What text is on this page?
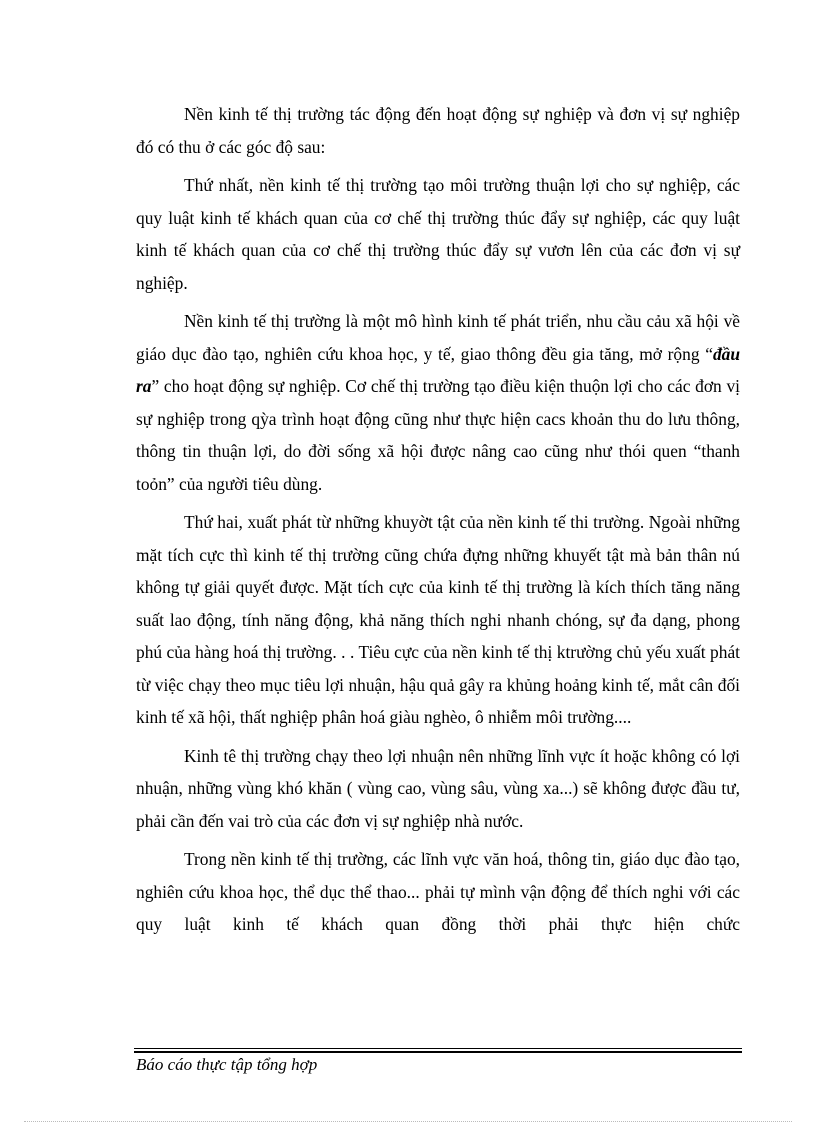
Nền kinh tế thị trường tác động đến hoạt động sự nghiệp và đơn vị sự nghiệp đó có thu ở các góc độ sau:

Thứ nhất, nền kinh tế thị trường tạo môi trường thuận lợi cho sự nghiệp, các quy luật kinh tế khách quan của cơ chế thị trường thúc đẩy sự nghiệp, các quy luật kinh tế khách quan của cơ chế thị trường thúc đẩy sự vươn lên của các đơn vị sự nghiệp.

Nền kinh tế thị trường là một mô hình kinh tế phát triển, nhu cầu cảu xã hội về giáo dục đào tạo, nghiên cứu khoa học, y tế, giao thông đều gia tăng, mở rộng “đầu ra” cho hoạt động sự nghiệp. Cơ chế thị trường tạo điều kiện thuộn lợi cho các đơn vị sự nghiệp trong qỳa trình hoạt động cũng như thực hiện cacs khoản thu do lưu thông, thông tin thuận lợi, do đời sống xã hội được nâng cao cũng như thói quen “thanh toỏn” của người tiêu dùng.

Thứ hai, xuất phát từ những khuyờt tật của nền kinh tế thi trường. Ngoài những mặt tích cực thì kinh tế thị trường cũng chứa đựng những khuyết tật mà bản thân nú không tự giải quyết được. Mặt tích cực của kinh tế thị trường là kích thích tăng năng suất lao động, tính năng động, khả năng thích nghi nhanh chóng, sự đa dạng, phong phú của hàng hoá thị trường. . . Tiêu cực của nền kinh tế thị ktrường chủ yếu xuất phát từ việc chạy theo mục tiêu lợi nhuận, hậu quả gây ra khủng hoảng kinh tế, mắt cân đối kinh tế xã hội, thất nghiệp phân hoá giàu nghèo, ô nhiễm môi trường....

Kinh tê thị trường chạy theo lợi nhuận nên những lĩnh vực ít hoặc không có lợi nhuận, những vùng khó khăn ( vùng cao, vùng sâu, vùng xa...) sẽ không được đầu tư, phải cần đến vai trò của các đơn vị sự nghiệp nhà nước.

Trong nền kinh tế thị trường, các lĩnh vực văn hoá, thông tin, giáo dục đào tạo, nghiên cứu khoa học, thể dục thể thao... phải tự mình vận động để thích nghi với các quy luật kinh tế khách quan đồng thời phải thực hiện chức

Báo cáo thực tập tổng hợp
